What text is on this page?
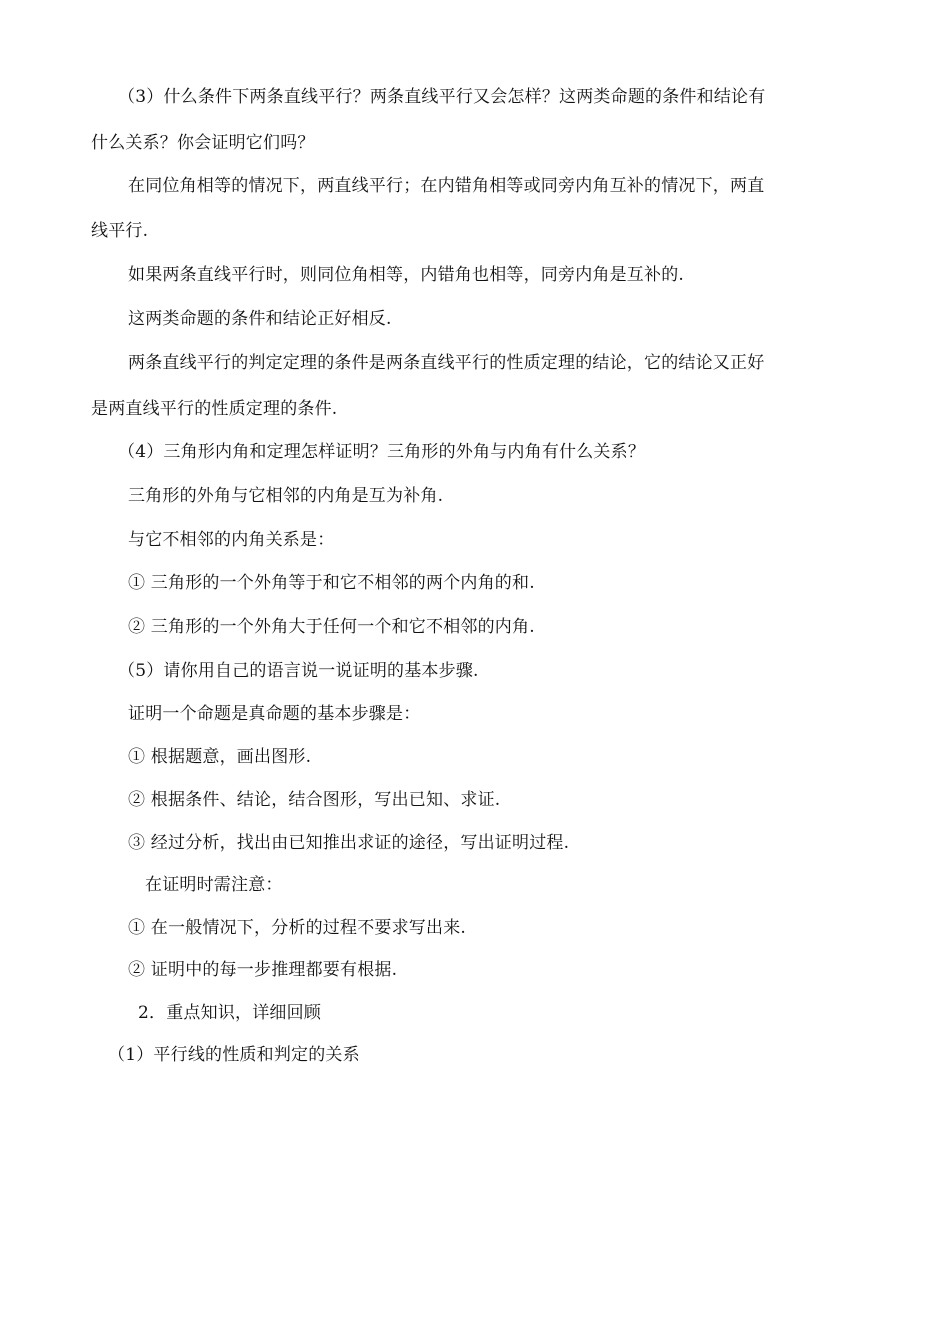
（3）什么条件下两条直线平行？两条直线平行又会怎样？这两类命题的条件和结论有
什么关系？你会证明它们吗？
在同位角相等的情况下，两直线平行；在内错角相等或同旁内角互补的情况下，两直
线平行.
如果两条直线平行时，则同位角相等，内错角也相等，同旁内角是互补的.
这两类命题的条件和结论正好相反.
两条直线平行的判定定理的条件是两条直线平行的性质定理的结论，它的结论又正好
是两直线平行的性质定理的条件.
（4）三角形内角和定理怎样证明？三角形的外角与内角有什么关系？
三角形的外角与它相邻的内角是互为补角.
与它不相邻的内角关系是：
① 三角形的一个外角等于和它不相邻的两个内角的和.
② 三角形的一个外角大于任何一个和它不相邻的内角.
（5）请你用自己的语言说一说证明的基本步骤.
证明一个命题是真命题的基本步骤是：
① 根据题意，画出图形.
② 根据条件、结论，结合图形，写出已知、求证.
③ 经过分析，找出由已知推出求证的途径，写出证明过程.
在证明时需注意：
① 在一般情况下，分析的过程不要求写出来.
② 证明中的每一步推理都要有根据.
2．重点知识，详细回顾
（1）平行线的性质和判定的关系
